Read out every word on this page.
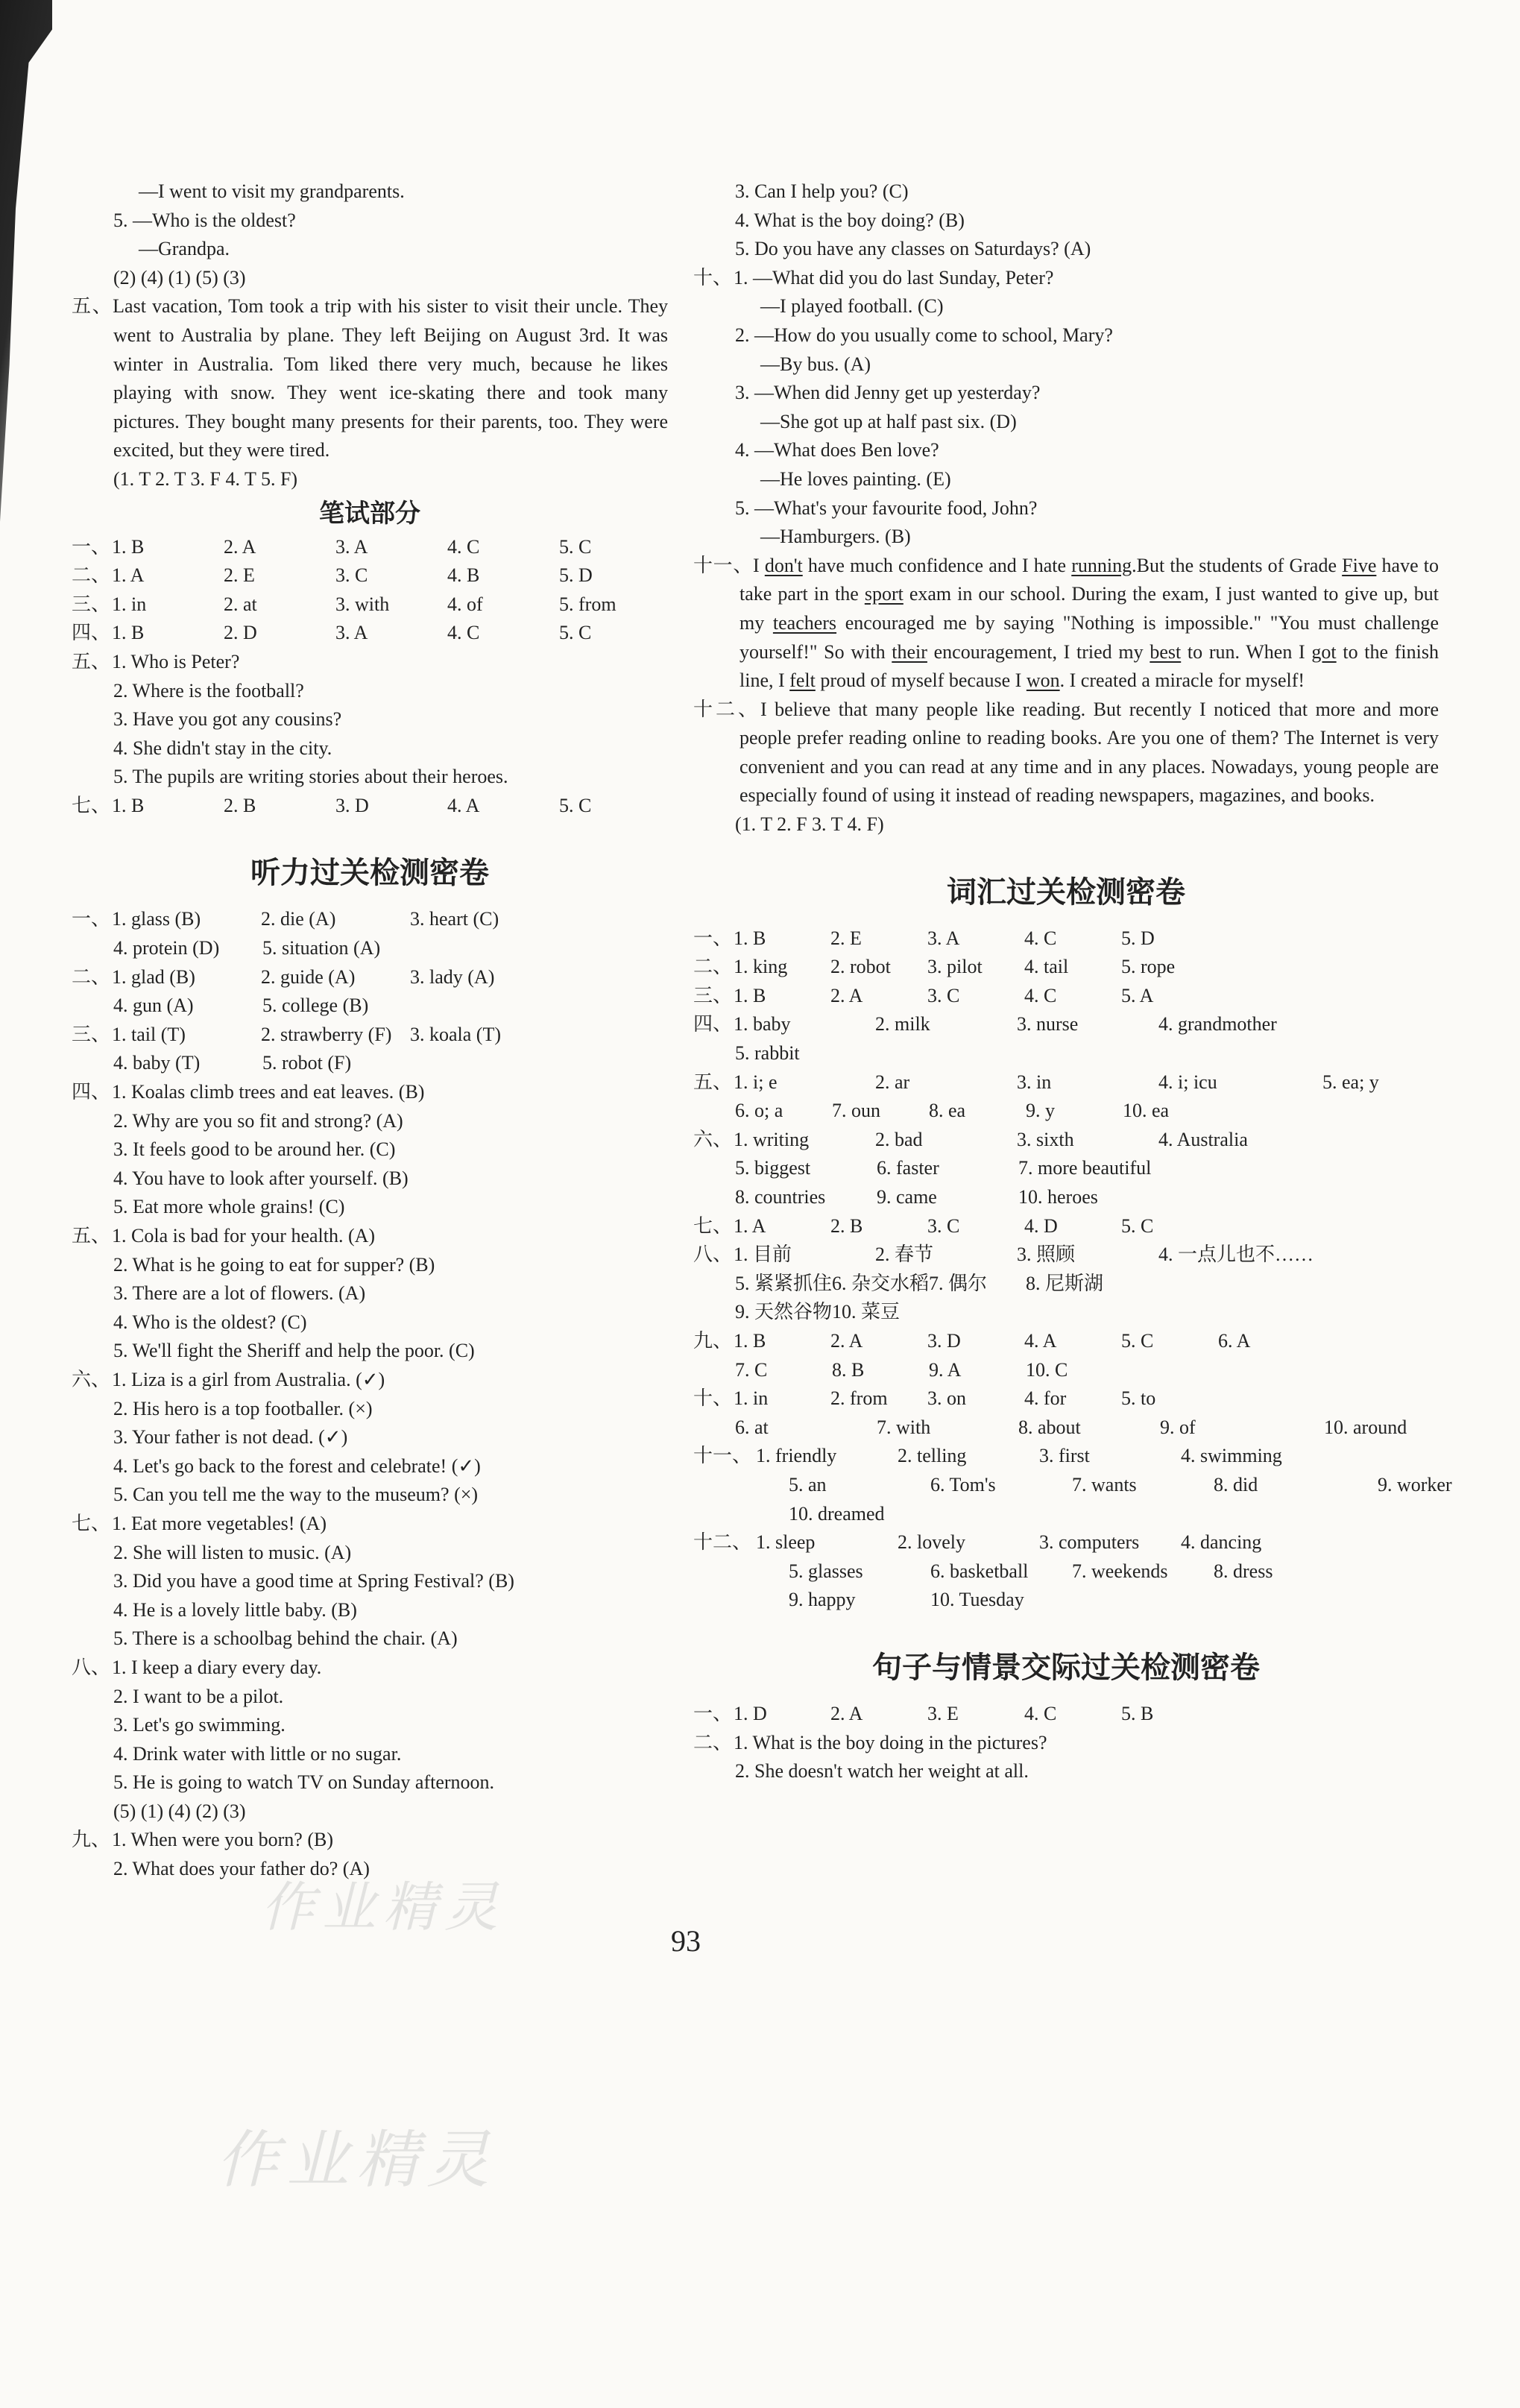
—I went to visit my grandparents.
5. —Who is the oldest?
—Grandpa.
(2) (4) (1) (5) (3)
五、Last vacation, Tom took a trip with his sister to visit their uncle. They went to Australia by plane. They left Beijing on August 3rd. It was winter in Australia. Tom liked there very much, because he likes playing with snow. They went ice-skating there and took many pictures. They bought many presents for their parents, too. They were excited, but they were tired.
(1. T 2. T 3. F 4. T 5. F)
笔试部分
一、1. B	2. A	3. A	4. C	5. C
二、1. A	2. E	3. C	4. B	5. D
三、1. in	2. at	3. with	4. of	5. from
四、1. B	2. D	3. A	4. C	5. C
五、1. Who is Peter?
2. Where is the football?
3. Have you got any cousins?
4. She didn't stay in the city.
5. The pupils are writing stories about their heroes.
七、1. B	2. B	3. D	4. A	5. C
听力过关检测密卷
一、1. glass (B)	2. die (A)	3. heart (C)
4. protein (D) 5. situation (A)
二、1. glad (B)	2. guide (A)	3. lady (A)
4. gun (A)	5. college (B)
三、1. tail (T)	2. strawberry (F) 3. koala (T)
4. baby (T)	5. robot (F)
四、1. Koalas climb trees and eat leaves. (B)
2. Why are you so fit and strong? (A)
3. It feels good to be around her. (C)
4. You have to look after yourself. (B)
5. Eat more whole grains! (C)
五、1. Cola is bad for your health. (A)
2. What is he going to eat for supper? (B)
3. There are a lot of flowers. (A)
4. Who is the oldest? (C)
5. We'll fight the Sheriff and help the poor. (C)
六、1. Liza is a girl from Australia. (✓)
2. His hero is a top footballer. (×)
3. Your father is not dead. (✓)
4. Let's go back to the forest and celebrate! (✓)
5. Can you tell me the way to the museum? (×)
七、1. Eat more vegetables! (A)
2. She will listen to music. (A)
3. Did you have a good time at Spring Festival? (B)
4. He is a lovely little baby. (B)
5. There is a schoolbag behind the chair. (A)
八、1. I keep a diary every day.
2. I want to be a pilot.
3. Let's go swimming.
4. Drink water with little or no sugar.
5. He is going to watch TV on Sunday afternoon.
(5) (1) (4) (2) (3)
九、1. When were you born? (B)
2. What does your father do? (A)
3. Can I help you? (C)
4. What is the boy doing? (B)
5. Do you have any classes on Saturdays? (A)
十、1. —What did you do last Sunday, Peter?
—I played football. (C)
2. —How do you usually come to school, Mary?
—By bus. (A)
3. —When did Jenny get up yesterday?
—She got up at half past six. (D)
4. —What does Ben love?
—He loves painting. (E)
5. —What's your favourite food, John?
—Hamburgers. (B)
十一、I don't have much confidence and I hate running.But the students of Grade Five have to take part in the sport exam in our school. During the exam, I just wanted to give up, but my teachers encouraged me by saying "Nothing is impossible." "You must challenge yourself!" So with their encouragement, I tried my best to run. When I got to the finish line, I felt proud of myself because I won. I created a miracle for myself!
十二、I believe that many people like reading. But recently I noticed that more and more people prefer reading online to reading books. Are you one of them? The Internet is very convenient and you can read at any time and in any places. Nowadays, young people are especially found of using it instead of reading newspapers, magazines, and books.
(1. T 2. F 3. T 4. F)
词汇过关检测密卷
一、1. B	2. E	3. A	4. C	5. D
二、1. king 2. robot 3. pilot 4. tail	5. rope
三、1. B	2. A	3. C	4. C	5. A
四、1. baby	2. milk	3. nurse	4. grandmother
5. rabbit
五、1. i; e	2. ar	3. in	4. i; icu	5. ea; y
6. o; a	7. oun	8. ea	9. y	10. ea
六、1. writing	2. bad	3. sixth	4. Australia
5. biggest	6. faster	7. more beautiful
8. countries	9. came	10. heroes
七、1. A	2. B	3. C	4. D	5. C
八、1. 目前	2. 春节	3. 照顾	4. 一点儿也不……
5. 紧紧抓住6. 杂交水稻7. 偶尔 8. 尼斯湖
9. 天然谷物10. 菜豆
九、1. B	2. A	3. D	4. A	5. C	6. A
7. C	8. B	9. A	10. C
十、1. in	2. from 3. on	4. for	5. to
6. at	7. with	8. about	9. of	10. around
十一、 1. friendly	2. telling	3. first	4. swimming
5. an	6. Tom's	7. wants	8. did	9. worker
10. dreamed
十二、 1. sleep	2. lovely	3. computers 4. dancing
5. glasses	6. basketball 7. weekends 8. dress
9. happy	10. Tuesday
句子与情景交际过关检测密卷
一、1. D	2. A	3. E	4. C	5. B
二、1. What is the boy doing in the pictures?
2. She doesn't watch her weight at all.
93
作业精灵
作业精灵
